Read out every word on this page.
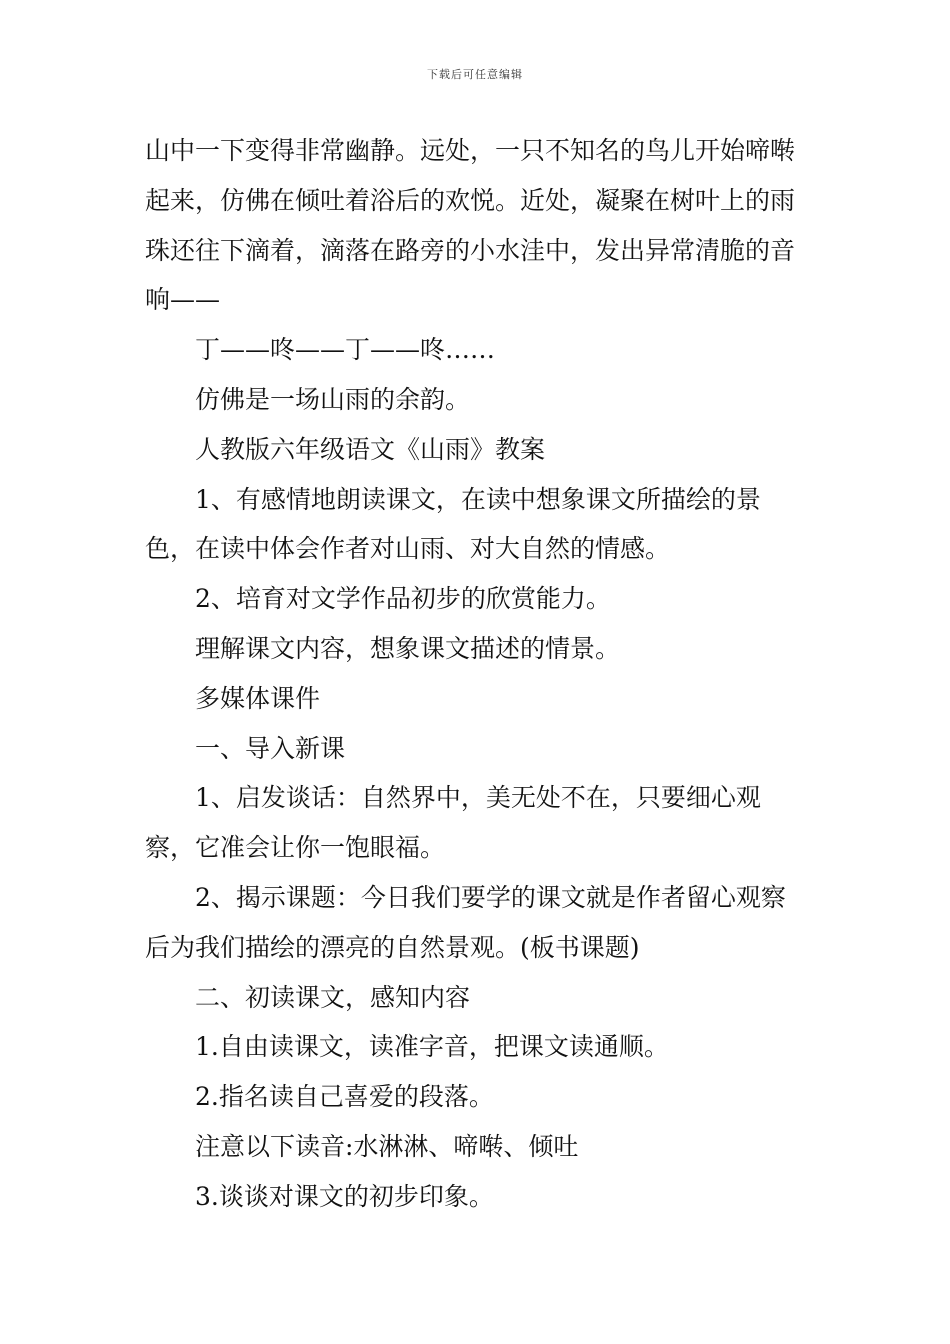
下载后可任意编辑

山中一下变得非常幽静。远处，一只不知名的鸟儿开始啼啭起来，仿佛在倾吐着浴后的欢悦。近处，凝聚在树叶上的雨珠还往下滴着，滴落在路旁的小水洼中，发出异常清脆的音响——

丁——咚——丁——咚……

仿佛是一场山雨的余韵。

人教版六年级语文《山雨》教案

1、有感情地朗读课文，在读中想象课文所描绘的景色，在读中体会作者对山雨、对大自然的情感。

2、培育对文学作品初步的欣赏能力。

理解课文内容，想象课文描述的情景。

多媒体课件

一、导入新课

1、启发谈话：自然界中，美无处不在，只要细心观察，它准会让你一饱眼福。

2、揭示课题：今日我们要学的课文就是作者留心观察后为我们描绘的漂亮的自然景观。(板书课题)

二、初读课文，感知内容

1.自由读课文，读准字音，把课文读通顺。

2.指名读自己喜爱的段落。

注意以下读音:水淋淋、啼啭、倾吐

3.谈谈对课文的初步印象。
